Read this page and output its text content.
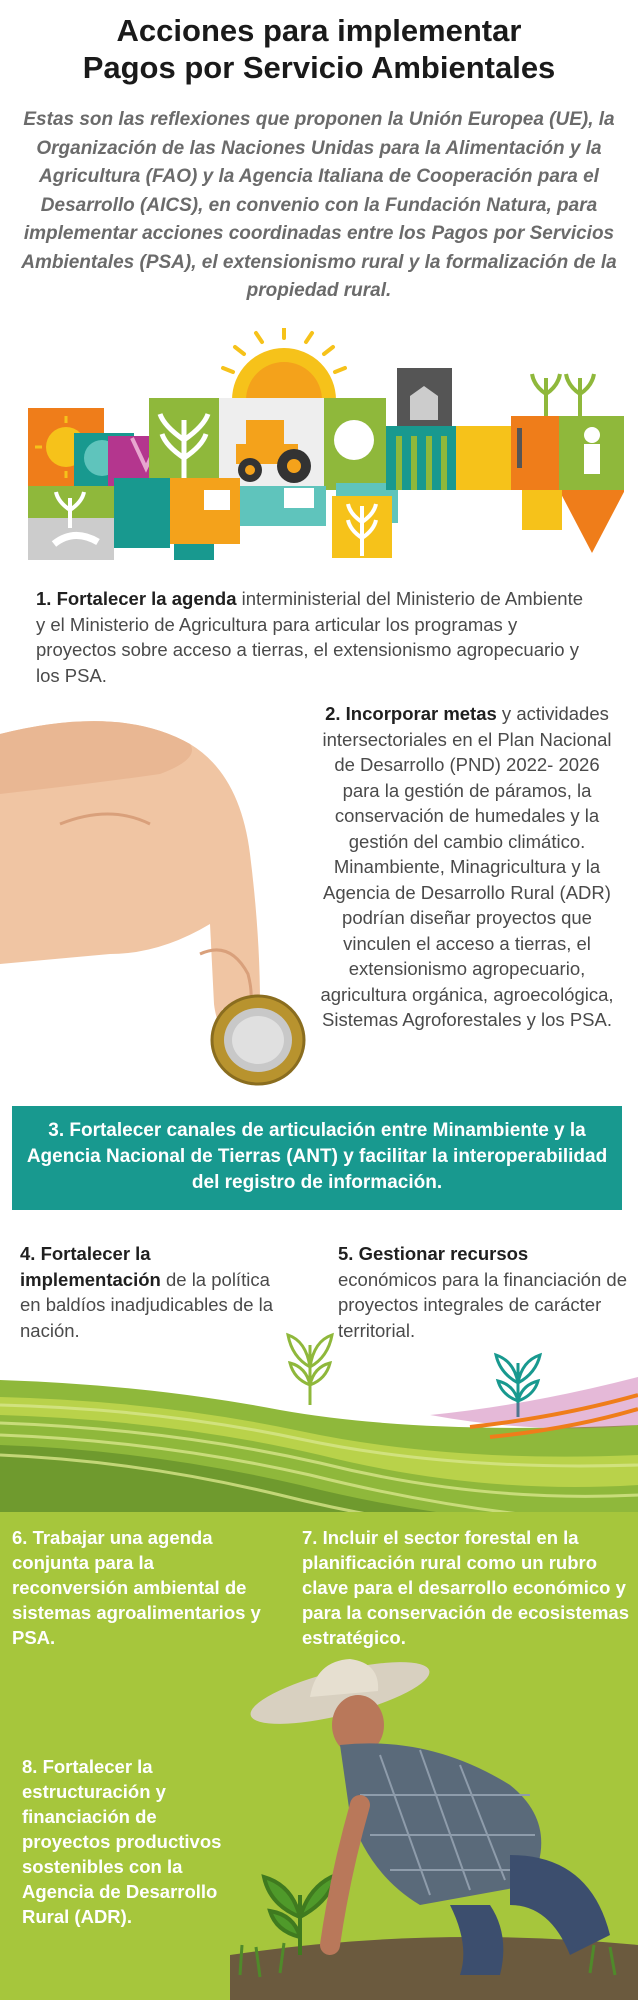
Acciones para implementar
Pagos por Servicio Ambientales

Estas son las reflexiones que proponen la Unión Europea (UE), la Organización de las Naciones Unidas para la Alimentación y la Agricultura (FAO) y la Agencia Italiana de Cooperación para el Desarrollo (AICS), en convenio con la Fundación Natura, para implementar acciones coordinadas entre los Pagos por Servicios Ambientales (PSA), el extensionismo rural y la formalización de la propiedad rural.

1. Fortalecer la agenda interministerial del Ministerio de Ambiente y el Ministerio de Agricultura para articular los programas y proyectos sobre acceso a tierras, el extensionismo agropecuario y los PSA.

2. Incorporar metas y actividades intersectoriales en el Plan Nacional de Desarrollo (PND) 2022- 2026 para la gestión de páramos, la conservación de humedales y la gestión del cambio climático. Minambiente, Minagricultura y la Agencia de Desarrollo Rural (ADR) podrían diseñar proyectos que vinculen el acceso a tierras, el extensionismo agropecuario, agricultura orgánica, agroecológica, Sistemas Agroforestales y los PSA.

3. Fortalecer canales de articulación entre Minambiente y la Agencia Nacional de Tierras (ANT) y facilitar la interoperabilidad del registro de información.

4. Fortalecer la implementación de la política en baldíos inadjudicables de la nación.

5. Gestionar recursos económicos para la financiación de proyectos integrales de carácter territorial.

6. Trabajar una agenda conjunta para la reconversión ambiental de sistemas agroalimentarios y PSA.

7. Incluir el sector forestal en la planificación rural como un rubro clave para el desarrollo económico y para la conservación de ecosistemas estratégico.

8. Fortalecer la estructuración y financiación de proyectos productivos sostenibles con la Agencia de Desarrollo Rural (ADR).
